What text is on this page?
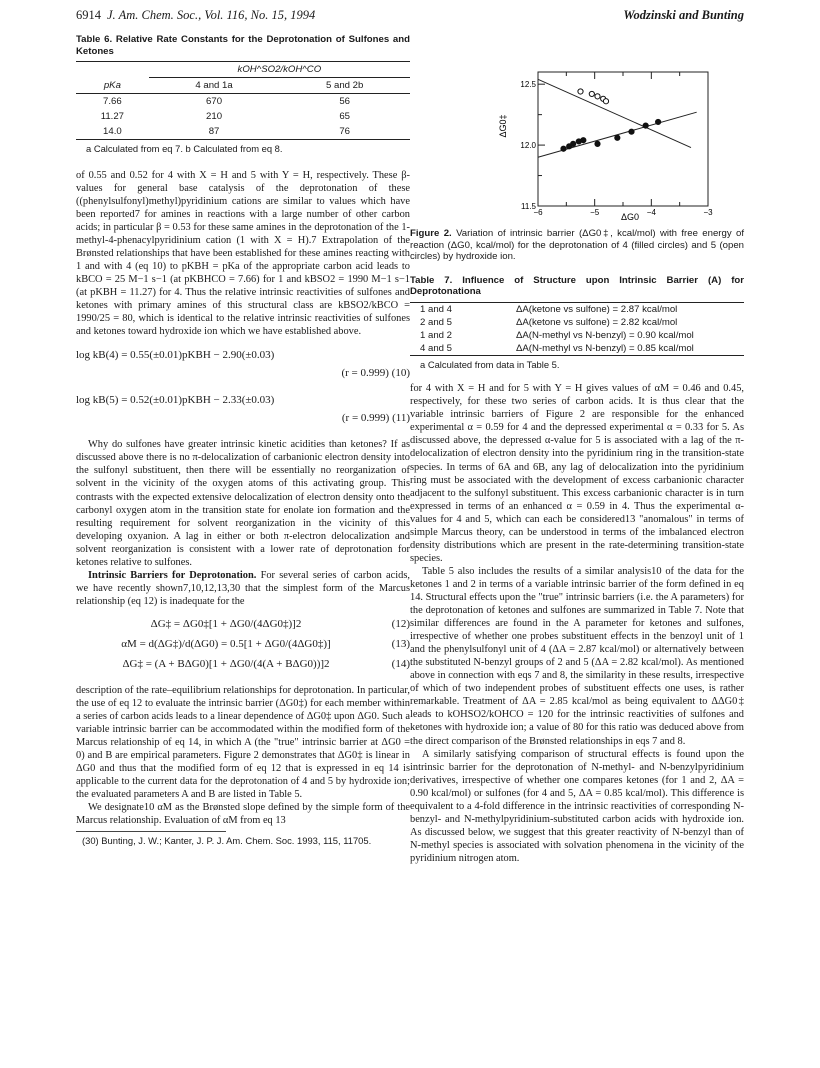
6914 J. Am. Chem. Soc., Vol. 116, No. 15, 1994	Wodzinski and Bunting
Table 6. Relative Rate Constants for the Deprotonation of Sulfones and Ketones
	kOH^SO2/kOH^CO	
pKa	4 and 1a	5 and 2b
7.66	670	56
11.27	210	65
14.0	87	76
a Calculated from eq 7. b Calculated from eq 8.

of 0.55 and 0.52 for 4 with X = H and 5 with Y = H, respectively. These β-values for general base catalysis of the deprotonation of these ((phenylsulfonyl)methyl)pyridinium cations are similar to values which have been reported7 for amines in reactions with a large number of other carbon acids; in particular β = 0.53 for these same amines in the deprotonation of the 1-methyl-4-phenacylpyridinium cation (1 with X = H).7 Extrapolation of the Brønsted relationships that have been established for these amines reacting with 1 and with 4 (eq 10) to pKBH = pKa of the appropriate carbon acid leads to kBCO = 25 M−1 s−1 (at pKBHCO = 7.66) for 1 and kBSO2 = 1990 M−1 s−1 (at pKBH = 11.27) for 4. Thus the relative intrinsic reactivities of sulfones and ketones with primary amines of this structural class are kBSO2/kBCO = 1990/25 = 80, which is identical to the relative intrinsic reactivities of sulfones and ketones toward hydroxide ion which we have established above.

log kB(4) = 0.55(±0.01)pKBH − 2.90(±0.03)
(r = 0.999) (10)
log kB(5) = 0.52(±0.01)pKBH − 2.33(±0.03)
(r = 0.999) (11)

Why do sulfones have greater intrinsic kinetic acidities than ketones? If as discussed above there is no π-delocalization of carbanionic electron density into the sulfonyl substituent, then there will be essentially no reorganization of solvent in the vicinity of the oxygen atoms of this activating group. This contrasts with the expected extensive delocalization of electron density onto the carbonyl oxygen atom in the transition state for enolate ion formation and the resulting requirement for solvent reorganization in the vicinity of this developing oxyanion. A lag in either or both π-electron delocalization and solvent reorganization is consistent with a lower rate of deprotonation for ketones relative to sulfones.

Intrinsic Barriers for Deprotonation. For several series of carbon acids, we have recently shown7,10,12,13,30 that the simplest form of the Marcus relationship (eq 12) is inadequate for the

ΔG‡ = ΔG0‡[1 + ΔG0/(4ΔG0‡)]2	(12)
αM = d(ΔG‡)/d(ΔG0) = 0.5[1 + ΔG0/(4ΔG0‡)]	(13)
ΔG‡ = (A + BΔG0)[1 + ΔG0/(4(A + BΔG0))]2	(14)

description of the rate–equilibrium relationships for deprotonation. In particular, the use of eq 12 to evaluate the intrinsic barrier (ΔG0‡) for each member within a series of carbon acids leads to a linear dependence of ΔG0‡ upon ΔG0. Such a variable intrinsic barrier can be accommodated within the modified form of the Marcus relationship of eq 14, in which A (the "true" intrinsic barrier at ΔG0 = 0) and B are empirical parameters. Figure 2 demonstrates that ΔG0‡ is linear in ΔG0 and thus that the modified form of eq 12 that is expressed in eq 14 is applicable to the current data for the deprotonation of 4 and 5 by hydroxide ion; the evaluated parameters A and B are listed in Table 5.

We designate10 αM as the Brønsted slope defined by the simple form of the Marcus relationship. Evaluation of αM from eq 13

(30) Bunting, J. W.; Kanter, J. P. J. Am. Chem. Soc. 1993, 115, 11705.
12.5
12.0
11.5
−6	−5	−4	−3
ΔG0‡
ΔG0
Figure 2. Variation of intrinsic barrier (ΔG0‡, kcal/mol) with free energy of reaction (ΔG0, kcal/mol) for the deprotonation of 4 (filled circles) and 5 (open circles) by hydroxide ion.
Table 7. Influence of Structure upon Intrinsic Barrier (A) for Deprotonationa
1 and 4	ΔA(ketone vs sulfone) = 2.87 kcal/mol
2 and 5	ΔA(ketone vs sulfone) = 2.82 kcal/mol
1 and 2	ΔA(N-methyl vs N-benzyl) = 0.90 kcal/mol
4 and 5	ΔA(N-methyl vs N-benzyl) = 0.85 kcal/mol
a Calculated from data in Table 5.

for 4 with X = H and for 5 with Y = H gives values of αM = 0.46 and 0.45, respectively, for these two series of carbon acids. It is thus clear that the variable intrinsic barriers of Figure 2 are responsible for the enhanced experimental α = 0.59 for 4 and the depressed experimental α = 0.33 for 5. As discussed above, the depressed α-value for 5 is associated with a lag of the π-delocalization of electron density into the pyridinium ring in the transition-state species. In terms of 6A and 6B, any lag of delocalization into the pyridinium ring must be associated with the development of excess carbanionic character adjacent to the sulfonyl substituent. This excess carbanionic character is in turn expressed in terms of an enhanced α = 0.59 in 4. Thus the experimental α-values for 4 and 5, which can each be considered13 "anomalous" in terms of simple Marcus theory, can be understood in terms of the imbalanced electron density distributions which are present in the rate-determining transition-state species.

Table 5 also includes the results of a similar analysis10 of the data for the ketones 1 and 2 in terms of a variable intrinsic barrier of the form defined in eq 14. Structural effects upon the "true" intrinsic barriers (i.e. the A parameters) for the deprotonation of ketones and sulfones are summarized in Table 7. Note that similar differences are found in the A parameter for ketones and sulfones, irrespective of whether one probes substituent effects in the benzoyl unit of 1 and the phenylsulfonyl unit of 4 (ΔA = 2.87 kcal/mol) or alternatively between the substituted N-benzyl groups of 2 and 5 (ΔA = 2.82 kcal/mol). As mentioned above in connection with eqs 7 and 8, the similarity in these results, irrespective of which of two independent probes of substituent effects one uses, is rather remarkable. Treatment of ΔA = 2.85 kcal/mol as being equivalent to ΔΔG0‡ leads to kOHSO2/kOHCO = 120 for the intrinsic reactivities of sulfones and ketones with hydroxide ion; a value of 80 for this ratio was deduced above from the direct comparison of the Brønsted relationships in eqs 7 and 8.

A similarly satisfying comparison of structural effects is found upon the intrinsic barrier for the deprotonation of N-methyl- and N-benzylpyridinium derivatives, irrespective of whether one compares ketones (for 1 and 2, ΔA = 0.90 kcal/mol) or sulfones (for 4 and 5, ΔA = 0.85 kcal/mol). This difference is equivalent to a 4-fold difference in the intrinsic reactivities of corresponding N-benzyl- and N-methylpyridinium-substituted carbon acids with hydroxide ion. As discussed below, we suggest that this greater reactivity of N-benzyl than of N-methyl species is associated with solvation phenomena in the vicinity of the pyridinium nitrogen atom.
